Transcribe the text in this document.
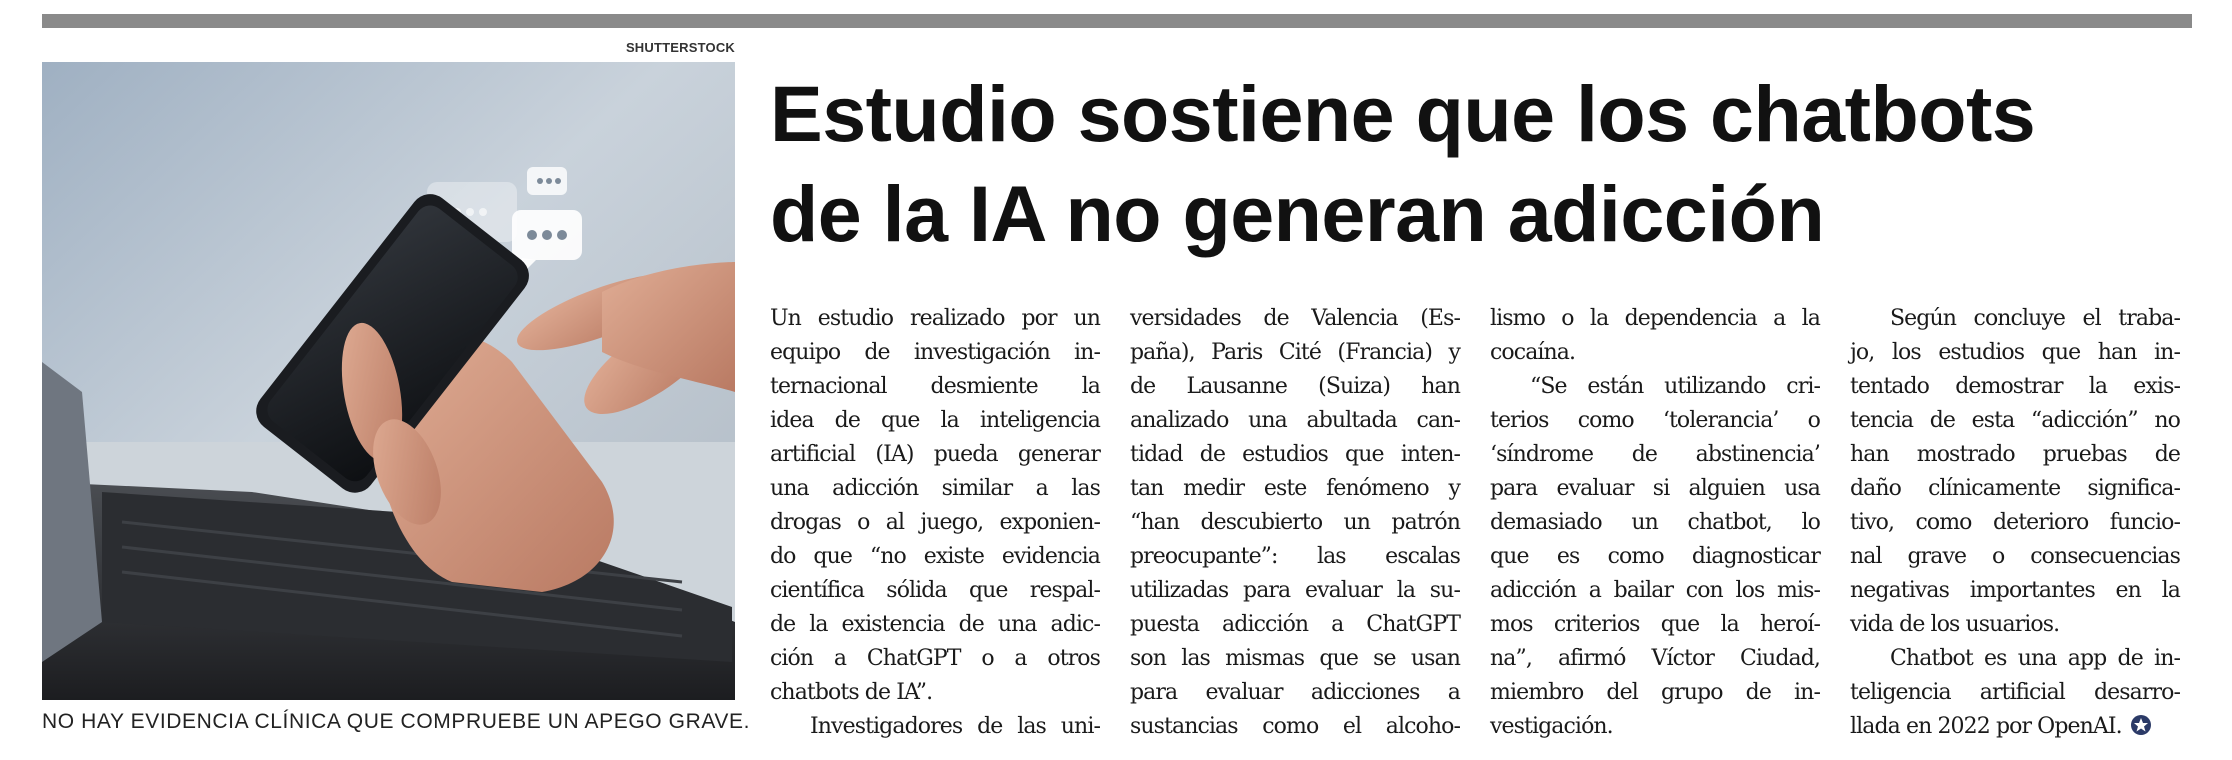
SHUTTERSTOCK
NO HAY EVIDENCIA CLÍNICA QUE COMPRUEBE UN APEGO GRAVE.
Estudio sostiene que los chatbots
de la IA no generan adicción
Un estudio realizado por un
equipo de investigación in-
ternacional desmiente la
idea de que la inteligencia
artificial (IA) pueda generar
una adicción similar a las
drogas o al juego, exponien-
do que “no existe evidencia
científica sólida que respal-
de la existencia de una adic-
ción a ChatGPT o a otros
chatbots de IA”.
Investigadores de las uni-
versidades de Valencia (Es-
paña), Paris Cité (Francia) y
de Lausanne (Suiza) han
analizado una abultada can-
tidad de estudios que inten-
tan medir este fenómeno y
“han descubierto un patrón
preocupante”: las escalas
utilizadas para evaluar la su-
puesta adicción a ChatGPT
son las mismas que se usan
para evaluar adicciones a
sustancias como el alcoho-
lismo o la dependencia a la
cocaína.
“Se están utilizando cri-
terios como ‘tolerancia’ o
‘síndrome de abstinencia’
para evaluar si alguien usa
demasiado un chatbot, lo
que es como diagnosticar
adicción a bailar con los mis-
mos criterios que la heroí-
na”, afirmó Víctor Ciudad,
miembro del grupo de in-
vestigación.
Según concluye el traba-
jo, los estudios que han in-
tentado demostrar la exis-
tencia de esta “adicción” no
han mostrado pruebas de
daño clínicamente significa-
tivo, como deterioro funcio-
nal grave o consecuencias
negativas importantes en la
vida de los usuarios.
Chatbot es una app de in-
teligencia artificial desarro-
llada en 2022 por OpenAI.
